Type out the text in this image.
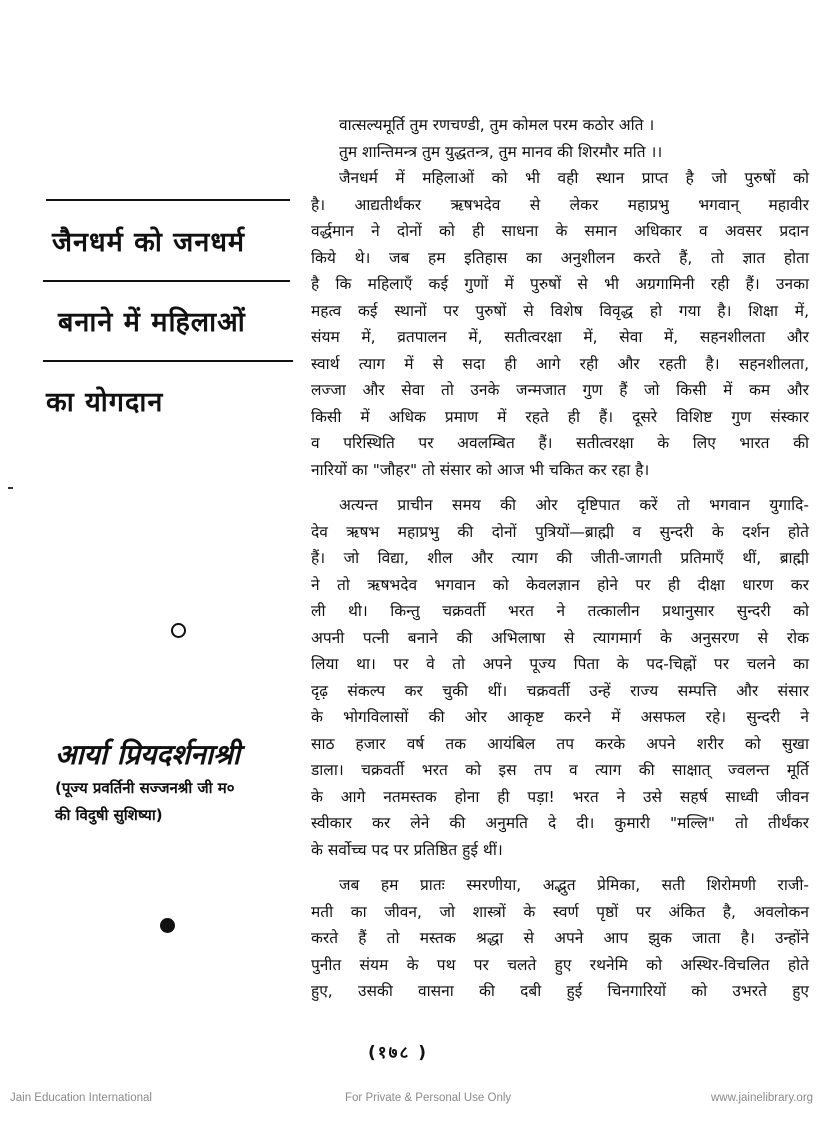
जैनधर्म को जनधर्म
बनाने में महिलाओं
का योगदान
आर्या प्रियदर्शनाश्री
(पूज्य प्रवर्तिनी सज्जनश्री जी म०
की विदुषी सुशिष्या)
वात्सल्यमूर्ति तुम रणचण्डी, तुम कोमल परम कठोर अति ।
तुम शान्तिमन्त्र तुम युद्धतन्त्र, तुम मानव की शिरमौर मति ।।
जैनधर्म में महिलाओं को भी वही स्थान प्राप्त है जो पुरुषों को
है। आद्यतीर्थंकर ऋषभदेव से लेकर महाप्रभु भगवान् महावीर
वर्द्धमान ने दोनों को ही साधना के समान अधिकार व अवसर प्रदान
किये थे। जब हम इतिहास का अनुशीलन करते हैं, तो ज्ञात होता
है कि महिलाएँ कई गुणों में पुरुषों से भी अग्रगामिनी रही हैं। उनका
महत्व कई स्थानों पर पुरुषों से विशेष विवृद्ध हो गया है। शिक्षा में,
संयम में, व्रतपालन में, सतीत्वरक्षा में, सेवा में, सहनशीलता और
स्वार्थ त्याग में से सदा ही आगे रही और रहती है। सहनशीलता,
लज्जा और सेवा तो उनके जन्मजात गुण हैं जो किसी में कम और
किसी में अधिक प्रमाण में रहते ही हैं। दूसरे विशिष्ट गुण संस्कार
व परिस्थिति पर अवलम्बित हैं। सतीत्वरक्षा के लिए भारत की
नारियों का "जौहर" तो संसार को आज भी चकित कर रहा है।
अत्यन्त प्राचीन समय की ओर दृष्टिपात करें तो भगवान युगादि-
देव ऋषभ महाप्रभु की दोनों पुत्रियों—ब्राह्मी व सुन्दरी के दर्शन होते
हैं। जो विद्या, शील और त्याग की जीती-जागती प्रतिमाएँ थीं, ब्राह्मी
ने तो ऋषभदेव भगवान को केवलज्ञान होने पर ही दीक्षा धारण कर
ली थी। किन्तु चक्रवर्ती भरत ने तत्कालीन प्रथानुसार सुन्दरी को
अपनी पत्नी बनाने की अभिलाषा से त्यागमार्ग के अनुसरण से रोक
लिया था। पर वे तो अपने पूज्य पिता के पद-चिह्नों पर चलने का
दृढ़ संकल्प कर चुकी थीं। चक्रवर्ती उन्हें राज्य सम्पत्ति और संसार
के भोगविलासों की ओर आकृष्ट करने में असफल रहे। सुन्दरी ने
साठ हजार वर्ष तक आयंबिल तप करके अपने शरीर को सुखा
डाला। चक्रवर्ती भरत को इस तप व त्याग की साक्षात् ज्वलन्त मूर्ति
के आगे नतमस्तक होना ही पड़ा! भरत ने उसे सहर्ष साध्वी जीवन
स्वीकार कर लेने की अनुमति दे दी। कुमारी "मल्लि" तो तीर्थंकर
के सर्वोच्च पद पर प्रतिष्ठित हुई थीं।
जब हम प्रातः स्मरणीया, अद्भुत प्रेमिका, सती शिरोमणी राजी-
मती का जीवन, जो शास्त्रों के स्वर्ण पृष्ठों पर अंकित है, अवलोकन
करते हैं तो मस्तक श्रद्धा से अपने आप झुक जाता है। उन्होंने
पुनीत संयम के पथ पर चलते हुए रथनेमि को अस्थिर-विचलित होते
हुए, उसकी वासना की दबी हुई चिनगारियों को उभरते हुए
(१७८ )
Jain Education International	For Private & Personal Use Only	www.jainelibrary.org
